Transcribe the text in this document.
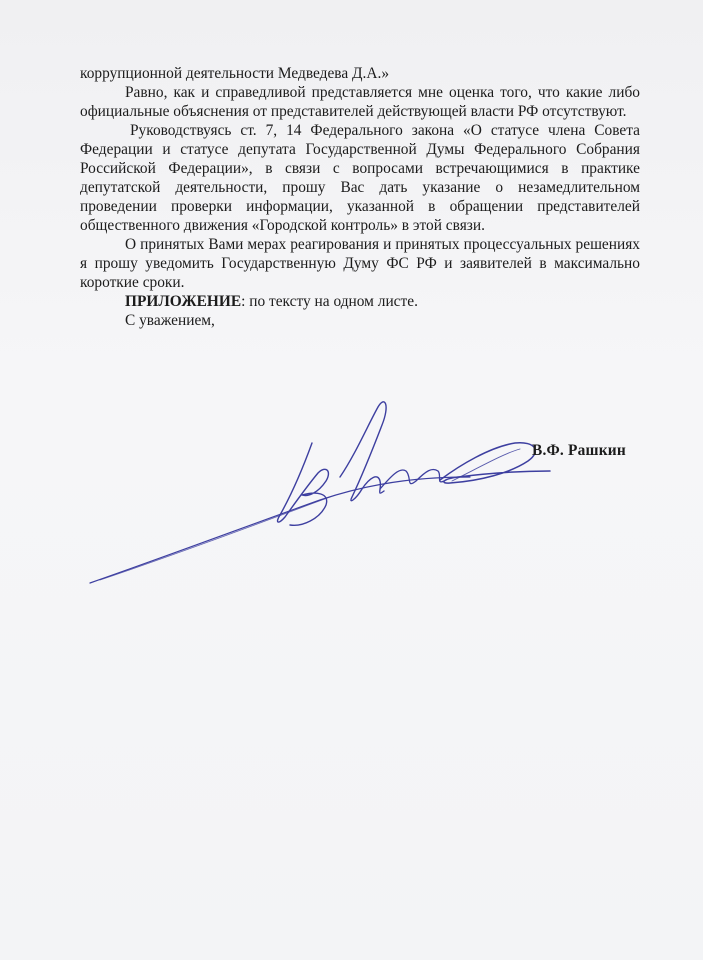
коррупционной деятельности Медведева Д.А.»

Равно, как и справедливой представляется мне оценка того, что какие либо официальные объяснения от представителей действующей власти РФ отсутствуют.

Руководствуясь ст. 7, 14 Федерального закона «О статусе члена Совета Федерации и статусе депутата Государственной Думы Федерального Собрания Российской Федерации», в связи с вопросами встречающимися в практике депутатской деятельности, прошу Вас дать указание о незамедлительном проведении проверки информации, указанной в обращении представителей общественного движения «Городской контроль» в этой связи.

О принятых Вами мерах реагирования и принятых процессуальных решениях я прошу уведомить Государственную Думу ФС РФ и заявителей в максимально короткие сроки.

ПРИЛОЖЕНИЕ: по тексту на одном листе.

С уважением,

В.Ф. Рашкин
